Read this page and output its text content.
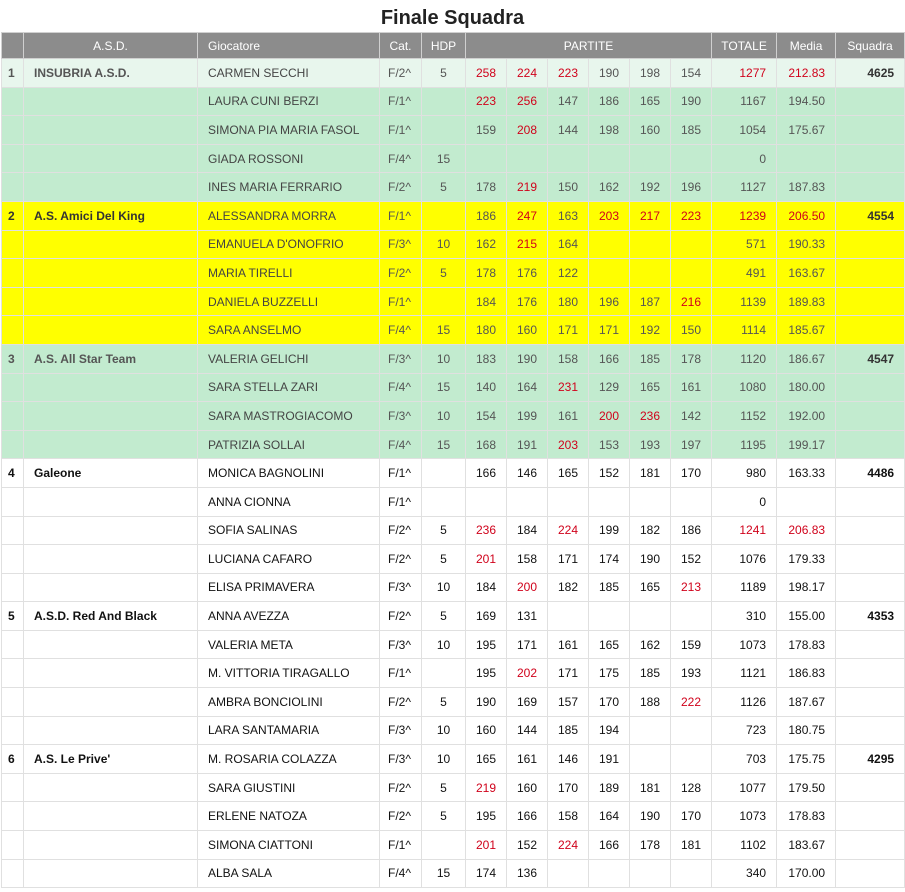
Finale Squadra
	A.S.D.	Giocatore	Cat.	HDP	PARTITE						TOTALE	Media	Squadra
1	INSUBRIA A.S.D.	CARMEN SECCHI	F/2^	5	258	224	223	190	198	154	1277	212.83	4625
		LAURA CUNI BERZI	F/1^		223	256	147	186	165	190	1167	194.50	
		SIMONA PIA MARIA FASOL	F/1^		159	208	144	198	160	185	1054	175.67	
		GIADA ROSSONI	F/4^	15							0		
		INES MARIA FERRARIO	F/2^	5	178	219	150	162	192	196	1127	187.83	
2	A.S. Amici Del King	ALESSANDRA MORRA	F/1^		186	247	163	203	217	223	1239	206.50	4554
		EMANUELA D'ONOFRIO	F/3^	10	162	215	164				571	190.33	
		MARIA TIRELLI	F/2^	5	178	176	122				491	163.67	
		DANIELA BUZZELLI	F/1^		184	176	180	196	187	216	1139	189.83	
		SARA ANSELMO	F/4^	15	180	160	171	171	192	150	1114	185.67	
3	A.S. All Star Team	VALERIA GELICHI	F/3^	10	183	190	158	166	185	178	1120	186.67	4547
		SARA STELLA ZARI	F/4^	15	140	164	231	129	165	161	1080	180.00	
		SARA MASTROGIACOMO	F/3^	10	154	199	161	200	236	142	1152	192.00	
		PATRIZIA SOLLAI	F/4^	15	168	191	203	153	193	197	1195	199.17	
4	Galeone	MONICA BAGNOLINI	F/1^		166	146	165	152	181	170	980	163.33	4486
		ANNA CIONNA	F/1^								0		
		SOFIA SALINAS	F/2^	5	236	184	224	199	182	186	1241	206.83	
		LUCIANA CAFARO	F/2^	5	201	158	171	174	190	152	1076	179.33	
		ELISA PRIMAVERA	F/3^	10	184	200	182	185	165	213	1189	198.17	
5	A.S.D. Red And Black	ANNA AVEZZA	F/2^	5	169	131					310	155.00	4353
		VALERIA META	F/3^	10	195	171	161	165	162	159	1073	178.83	
		M. VITTORIA TIRAGALLO	F/1^		195	202	171	175	185	193	1121	186.83	
		AMBRA BONCIOLINI	F/2^	5	190	169	157	170	188	222	1126	187.67	
		LARA SANTAMARIA	F/3^	10	160	144	185	194			723	180.75	
6	A.S. Le Prive'	M. ROSARIA COLAZZA	F/3^	10	165	161	146	191			703	175.75	4295
		SARA GIUSTINI	F/2^	5	219	160	170	189	181	128	1077	179.50	
		ERLENE NATOZA	F/2^	5	195	166	158	164	190	170	1073	178.83	
		SIMONA CIATTONI	F/1^		201	152	224	166	178	181	1102	183.67	
		ALBA SALA	F/4^	15	174	136					340	170.00	
